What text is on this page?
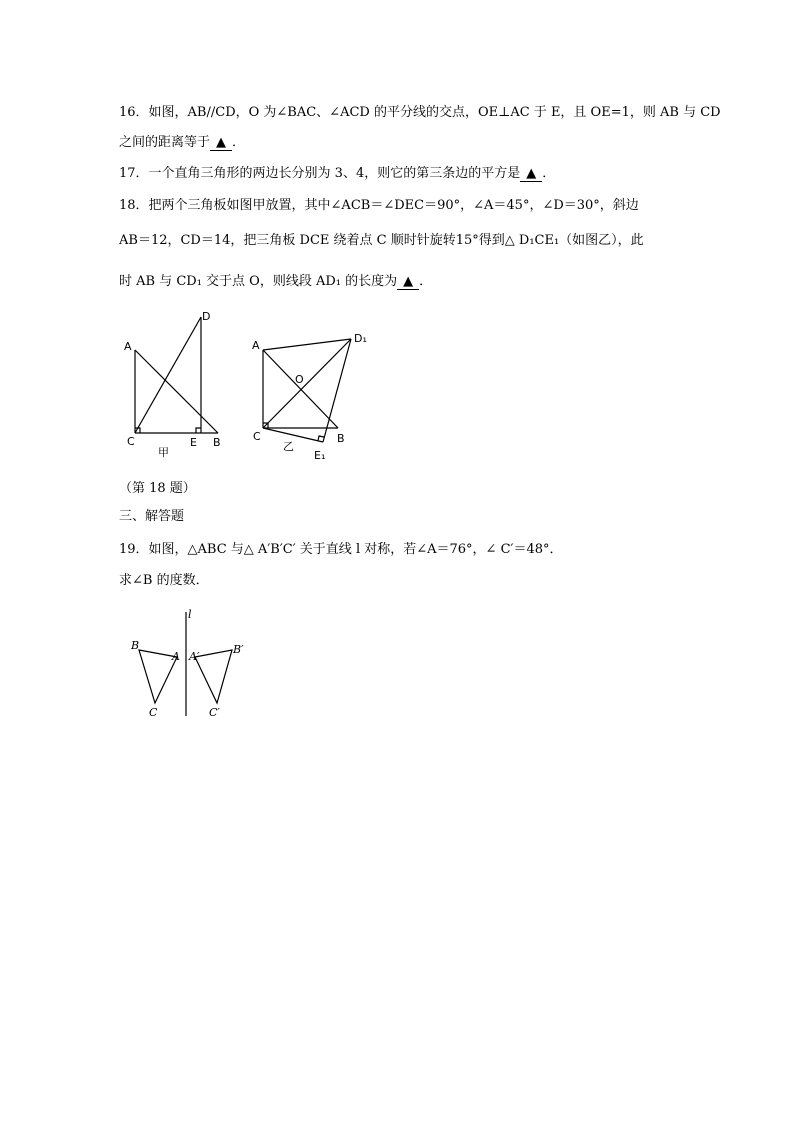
16．如图，AB//CD，O 为∠BAC、∠ACD 的平分线的交点，OE⊥AC 于 E，且 OE=1，则 AB 与 CD
之间的距离等于 ▲ ．
17．一个直角三角形的两边长分别为 3、4，则它的第三条边的平方是 ▲ ．
18．把两个三角板如图甲放置，其中∠ACB＝∠DEC＝90°，∠A＝45°，∠D＝30°，斜边
AB＝12，CD＝14，把三角板 DCE 绕着点 C 顺时针旋转15°得到△ D₁CE₁（如图乙），此
时 AB 与 CD₁ 交于点 O，则线段 AD₁ 的长度为 ▲ ．
A
D
C	E B
甲
A
D₁
O
C	B
E₁
乙
（第 18 题）
三、解答题
19．如图，△ABC 与△ A′B′C′ 关于直线 l 对称，若∠A＝76°，∠ C′＝48°．
求∠B 的度数．
l
B
A
C
A′
B′
C′
